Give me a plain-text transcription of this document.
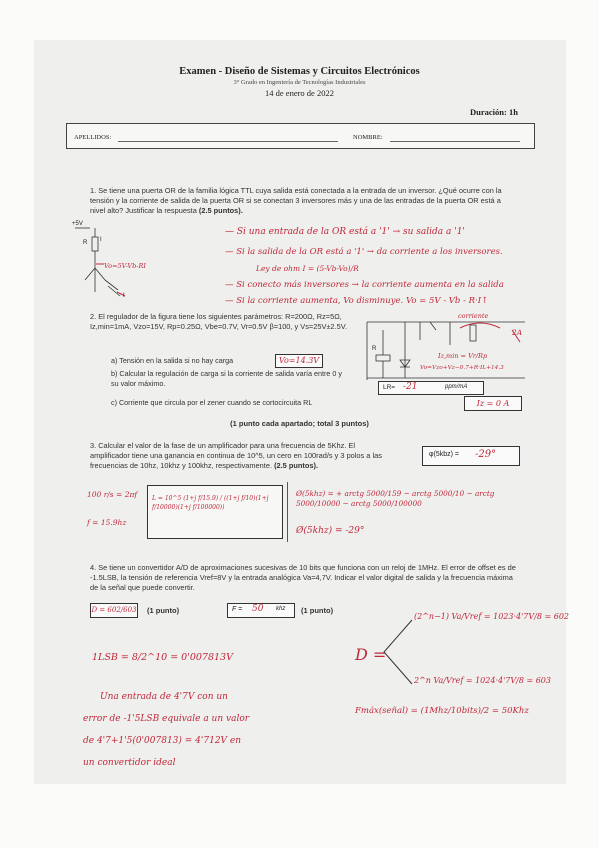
Examen - Diseño de Sistemas y Circuitos Electrónicos
3° Grado en Ingeniería de Tecnologías Industriales
14 de enero de 2022
Duración: 1h
APELLIDOS:	NOMBRE:
1. Se tiene una puerta OR de la familia lógica TTL cuya salida está conectada a la entrada de un inversor. ¿Qué ocurre con la tensión y la corriente de salida de la puerta OR si se conectan 3 inversores más y una de las entradas de la puerta OR está a nivel alto? Justificar la respuesta (2.5 puntos).
+5V
R I
I
Vo=5V-Vb-RI
— Si una entrada de la OR está a '1' → su salida a '1'
— Si la salida de la OR está a '1' → da corriente a los inversores.
Ley de ohm I = (5-Vb-Vo)/R
— Si conecto más inversores → la corriente aumenta en la salida
— Si la corriente aumenta, Vo disminuye. Vo = 5V - Vb - R·I↑
2. El regulador de la figura tiene los siguientes parámetros: R=200Ω, Rz=5Ω, Iz,min=1mA, Vzo=15V, Rp=0.25Ω, Vbe=0.7V, Vr=0.5V β=100, y Vs=25V±2.5V.
R
corriente
2A
Iz,min = Vr/Rp
Vo=Vzo+Vz−0.7+R·IL+14.3
a) Tensión en la salida si no hay carga	Vo=14.3V
b) Calcular la regulación de carga si la corriente de salida varía entre 0 y su valor máximo.	LR= -21	ppm/mA
c) Corriente que circula por el zener cuando se cortocircuita RL	Iz = 0 A
(1 punto cada apartado; total 3 puntos)
3. Calcular el valor de la fase de un amplificador para una frecuencia de 5Khz. El amplificador tiene una ganancia en continua de 10^5, un cero en 100rad/s y 3 polos a las frecuencias de 10hz, 10khz y 100khz, respectivamente. (2.5 puntos).
φ(5kbz) = -29°
100 r/s = 2πf
f = 15.9hz
L = 10^5 (1+j f/15.9) / ((1+j f/10)(1+j f/10000)(1+j f/100000))
Ø(5khz) = + arctg 5000/159 − arctg 5000/10 − arctg 5000/10000 − arctg 5000/100000
Ø(5khz) = -29°
4. Se tiene un convertidor A/D de aproximaciones sucesivas de 10 bits que funciona con un reloj de 1MHz. El error de offset es de -1.5LSB, la tensión de referencia Vref=8V y la entrada analógica Va=4,7V. Indicar el valor digital de salida y la frecuencia máxima de la señal que puede convertir.
D = 602/603 (1 punto)	F = 50 khz (1 punto)
1LSB = 8/2^10 = 0'007813V	D =
(2^n−1) Va/Vref = 1023·4'7V/8 = 602
2^n Va/Vref = 1024·4'7V/8 = 603
Una entrada de 4'7V con un
error de -1'5LSB equivale a un valor
de 4'7+1'5(0'007813) = 4'712V en
un convertidor ideal
Fmáx(señal) = (1Mhz/10bits)/2 = 50Khz
